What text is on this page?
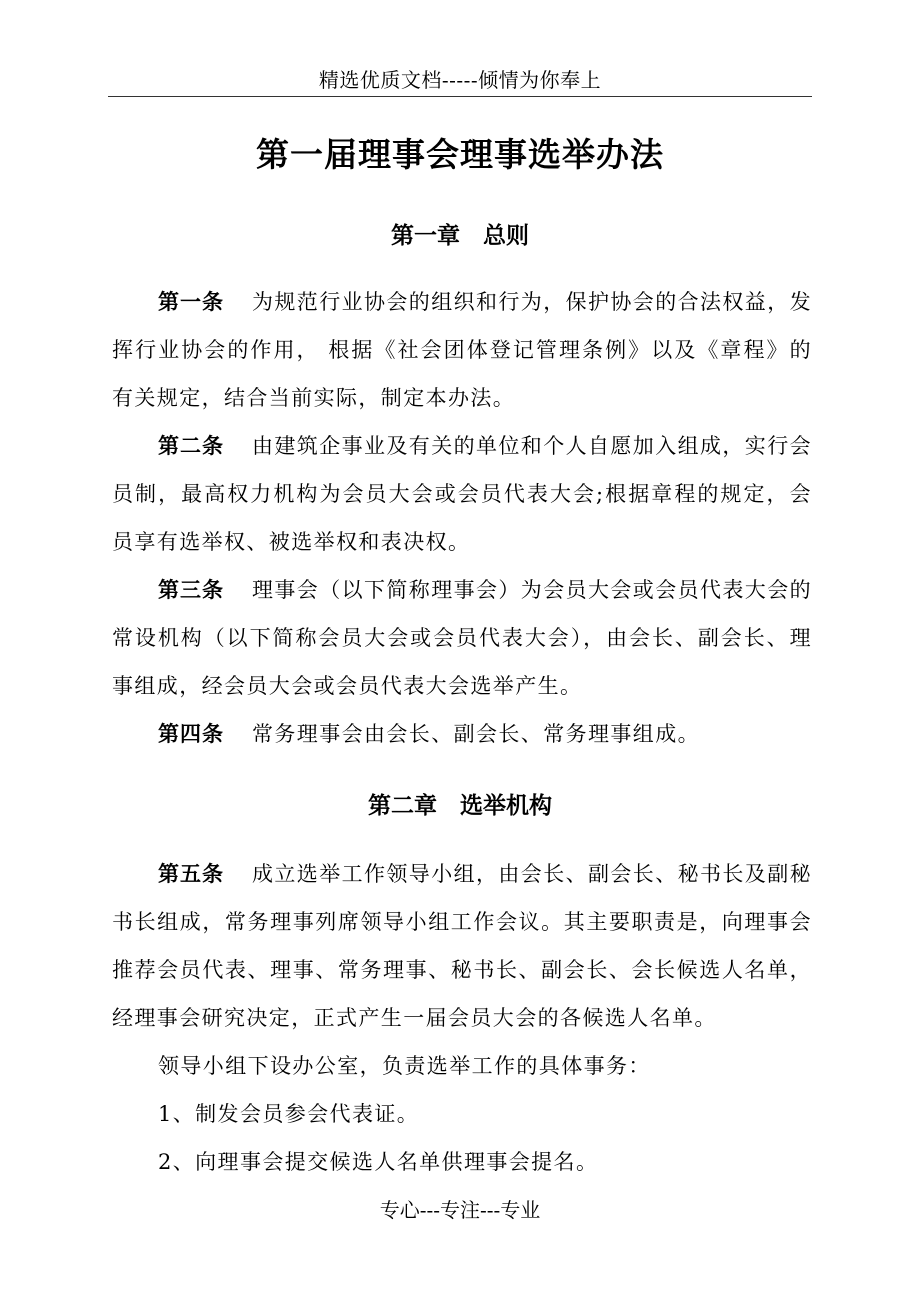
精选优质文档-----倾情为你奉上
第一届理事会理事选举办法
第一章　总则

第一条 为规范行业协会的组织和行为，保护协会的合法权益，发挥行业协会的作用， 根据《社会团体登记管理条例》以及《章程》的有关规定，结合当前实际，制定本办法。

第二条 由建筑企事业及有关的单位和个人自愿加入组成，实行会员制，最高权力机构为会员大会或会员代表大会;根据章程的规定，会员享有选举权、被选举权和表决权。

第三条 理事会（以下简称理事会）为会员大会或会员代表大会的常设机构（以下简称会员大会或会员代表大会），由会长、副会长、理事组成，经会员大会或会员代表大会选举产生。

第四条 常务理事会由会长、副会长、常务理事组成。

第二章　选举机构

第五条 成立选举工作领导小组，由会长、副会长、秘书长及副秘书长组成，常务理事列席领导小组工作会议。其主要职责是，向理事会推荐会员代表、理事、常务理事、秘书长、副会长、会长候选人名单，经理事会研究决定，正式产生一届会员大会的各候选人名单。

领导小组下设办公室，负责选举工作的具体事务：

1、制发会员参会代表证。

2、向理事会提交候选人名单供理事会提名。

专心---专注---专业
